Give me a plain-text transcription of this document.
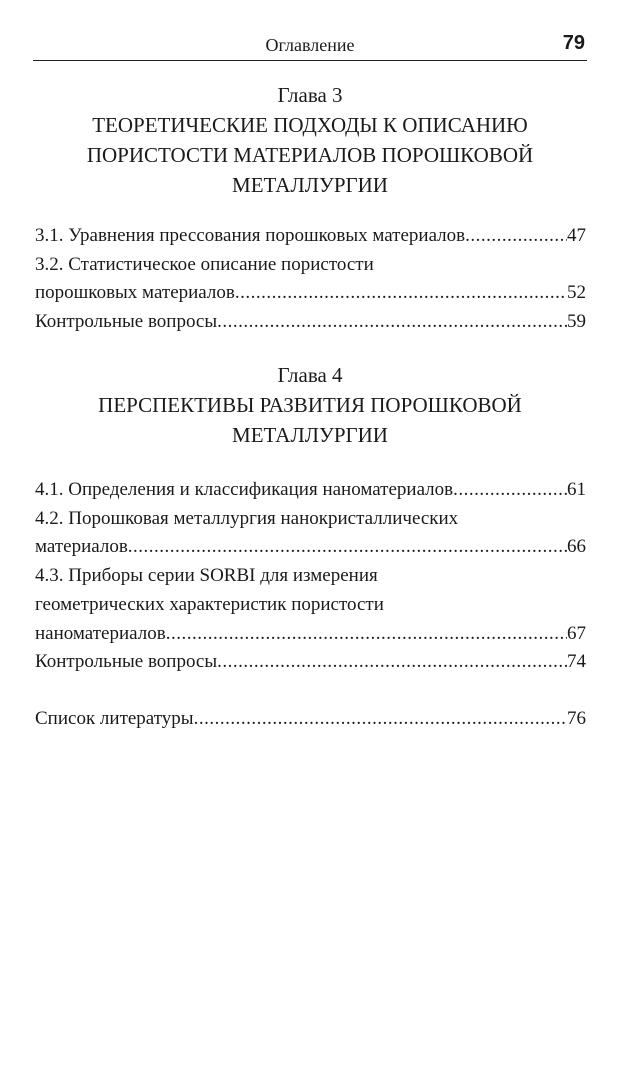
Оглавление	79
Глава 3
ТЕОРЕТИЧЕСКИЕ ПОДХОДЫ К ОПИСАНИЮ
ПОРИСТОСТИ МАТЕРИАЛОВ ПОРОШКОВОЙ
МЕТАЛЛУРГИИ
3.1. Уравнения прессования порошковых материалов .....	47
3.2. Статистическое описание пористости
порошковых материалов .....	52
Контрольные вопросы .....	59
Глава 4
ПЕРСПЕКТИВЫ РАЗВИТИЯ ПОРОШКОВОЙ
МЕТАЛЛУРГИИ
4.1. Определения и классификация наноматериалов .....	61
4.2. Порошковая металлургия нанокристаллических
материалов .....	66
4.3. Приборы серии SORBI для измерения
геометрических характеристик пористости
наноматериалов .....	67
Контрольные вопросы .....	74
Список литературы .....	76
